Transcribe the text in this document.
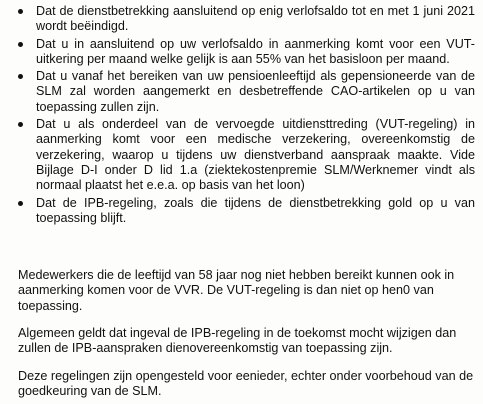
Dat de dienstbetrekking aansluitend op enig verlofsaldo tot en met 1 juni 2021 wordt beëindigd.
Dat u in aansluitend op uw verlofsaldo in aanmerking komt voor een VUT-uitkering per maand welke gelijk is aan 55% van het basisloon per maand.
Dat u vanaf het bereiken van uw pensioenleeftijd als gepensioneerde van de SLM zal worden aangemerkt en desbetreffende CAO-artikelen op u van toepassing zullen zijn.
Dat u als onderdeel van de vervoegde uitdiensttreding (VUT-regeling) in aanmerking komt voor een medische verzekering, overeenkomstig de verzekering, waarop u tijdens uw dienstverband aanspraak maakte. Vide Bijlage D-I onder D lid 1.a (ziektekostenpremie SLM/Werknemer vindt als normaal plaatst het e.e.a. op basis van het loon)
Dat de IPB-regeling, zoals die tijdens de dienstbetrekking gold op u van toepassing blijft.

Medewerkers die de leeftijd van 58 jaar nog niet hebben bereikt kunnen ook in aanmerking komen voor de VVR. De VUT-regeling is dan niet op hen0 van toepassing.

Algemeen geldt dat ingeval de IPB-regeling in de toekomst mocht wijzigen dan zullen de IPB-aanspraken dienovereenkomstig van toepassing zijn.

Deze regelingen zijn opengesteld voor eenieder, echter onder voorbehoud van de goedkeuring van de SLM.
